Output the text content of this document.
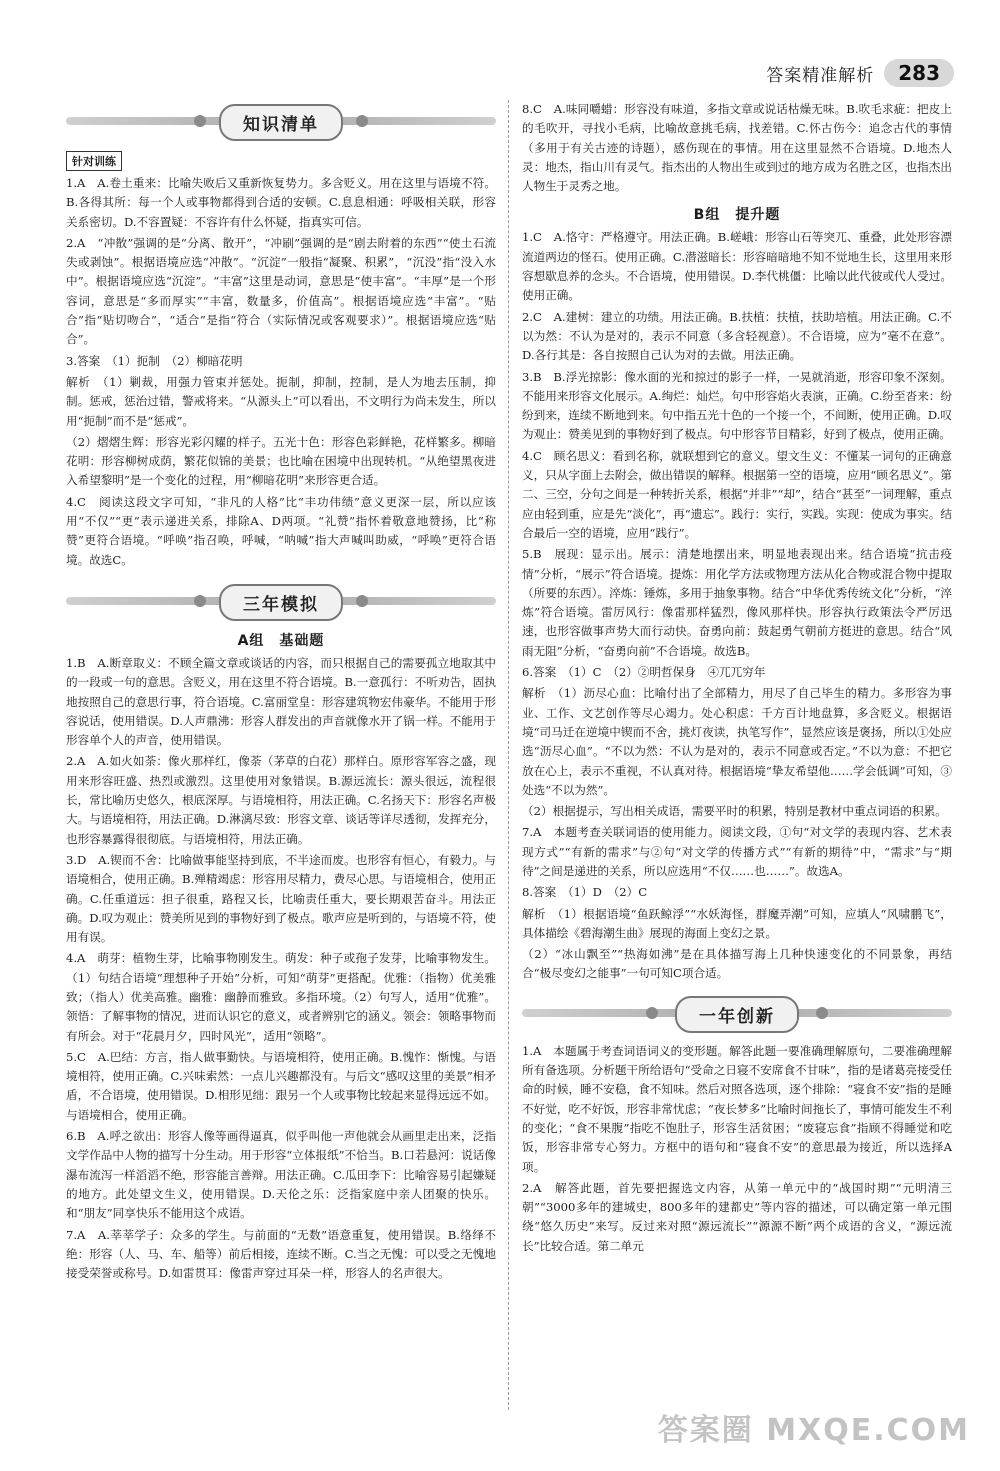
答案精准解析	283
知识清单
针对训练

1.A　A.卷土重来：比喻失败后又重新恢复势力。多含贬义。用在这里与语境不符。B.各得其所：每一个人或事物都得到合适的安顿。C.息息相通：呼吸相关联，形容关系密切。D.不容置疑：不容许有什么怀疑，指真实可信。

2.A　“冲散”强调的是“分离、散开”，“冲刷”强调的是“剧去附着的东西”“使土石流失或剥蚀”。根据语境应选“冲散”。“沉淀”一般指“凝聚、积累”，“沉没”指“没入水中”。根据语境应选“沉淀”。“丰富”这里是动词，意思是“使丰富”。“丰厚”是一个形容词，意思是“多而厚实”“丰富，数量多，价值高”。根据语境应选“丰富”。“贴合”指“贴切吻合”，“适合”是指“符合（实际情况或客观要求）”。根据语境应选“贴合”。

3.答案　（1）扼制　（2）柳暗花明

解析　（1）剿裁，用强力管束并惩处。扼制，抑制，控制，是人为地去压制，抑制。惩戒，惩治过错，警戒将来。“从源头上”可以看出，不文明行为尚未发生，所以用“扼制”而不是“惩戒”。

（2）熠熠生辉：形容光彩闪耀的样子。五光十色：形容色彩鲜艳，花样繁多。柳暗花明：形容柳树成荫，繁花似锦的美景；也比喻在困境中出现转机。“从绝望黑夜进入希望黎明”是一个变化的过程，用“柳暗花明”来形容更合适。

4.C　阅读这段文字可知，“非凡的人格”比“丰功伟绩”意义更深一层，所以应该用“不仅”“更”表示递进关系，排除A、D两项。“礼赞”指怀着敬意地赞扬，比“称赞”更符合语境。“呼唤”指召唤，呼喊，“呐喊”指大声喊叫助威，“呼唤”更符合语境。故选C。

三年模拟
A组　基础题

1.B　A.断章取义：不顾全篇文章或谈话的内容，而只根据自己的需要孤立地取其中的一段或一句的意思。含贬义，用在这里不符合语境。B.一意孤行：不听劝告，固执地按照自己的意思行事，符合语境。C.富丽堂皇：形容建筑物宏伟豪华。不能用于形容说话，使用错误。D.人声鼎沸：形容人群发出的声音就像水开了锅一样。不能用于形容单个人的声音，使用错误。

2.A　A.如火如荼：像火那样红，像荼（茅草的白花）那样白。原形容军容之盛，现用来形容旺盛、热烈或激烈。这里使用对象错误。B.源远流长：源头很远，流程很长，常比喻历史悠久，根底深厚。与语境相符，用法正确。C.名扬天下：形容名声极大。与语境相符，用法正确。D.淋漓尽致：形容文章、谈话等详尽透彻，发挥充分，也形容暴露得很彻底。与语境相符，用法正确。

3.D　A.锲而不舍：比喻做事能坚持到底，不半途而废。也形容有恒心，有毅力。与语境相合，使用正确。B.殚精竭虑：形容用尽精力，费尽心思。与语境相合，使用正确。C.任重道远：担子很重，路程又长，比喻责任重大，要长期艰苦奋斗。用法正确。D.叹为观止：赞美所见到的事物好到了极点。歌声应是听到的，与语境不符，使用有误。

4.A　萌芽：植物生芽，比喻事物刚发生。萌发：种子或孢子发芽，比喻事物发生。（1）句结合语境“理想种子开始”分析，可知“萌芽”更搭配。优雅：（指物）优美雅致；（指人）优美高雅。幽雅：幽静而雅致。多指环境。（2）句写人，适用“优雅”。领悟：了解事物的情况，进而认识它的意义，或者辨别它的涵义。领会：领略事物而有所会。对于“花晨月夕，四时风光”，适用“领略”。

5.C　A.巴结：方言，指人做事勤快。与语境相符，使用正确。B.愧怍：惭愧。与语境相符，使用正确。C.兴味索然：一点儿兴趣都没有。与后文“感叹这里的美景”相矛盾，不合语境，使用错误。D.相形见绌：跟另一个人或事物比较起来显得远远不如。与语境相合，使用正确。

6.B　A.呼之欲出：形容人像等画得逼真，似乎叫他一声他就会从画里走出来，泛指文学作品中人物的描写十分生动。用于形容“立体报纸”不恰当。B.口若悬河：说话像瀑布流泻一样滔滔不绝，形容能言善辩。用法正确。C.瓜田李下：比喻容易引起嫌疑的地方。此处望文生义，使用错误。D.天伦之乐：泛指家庭中亲人团聚的快乐。和“朋友”同享快乐不能用这个成语。

7.A　A.莘莘学子：众多的学生。与前面的“无数”语意重复，使用错误。B.络绎不绝：形容（人、马、车、船等）前后相接，连续不断。C.当之无愧：可以受之无愧地接受荣誉或称号。D.如雷贯耳：像雷声穿过耳朵一样，形容人的名声很大。

8.C　A.味同嚼蜡：形容没有味道，多指文章或说话枯燥无味。B.吹毛求疵：把皮上的毛吹开，寻找小毛病，比喻故意挑毛病，找差错。C.怀古伤今：追念古代的事情（多用于有关古迹的诗题），感伤现在的事情。用在这里显然不合语境。D.地杰人灵：地杰，指山川有灵气。指杰出的人物出生或到过的地方成为名胜之区，也指杰出人物生于灵秀之地。

B组　提升题

1.C　A.恪守：严格遵守。用法正确。B.嵯峨：形容山石等突兀、重叠，此处形容漂流道两边的怪石。使用正确。C.潜滋暗长：形容暗暗地不知不觉地生长，这里用来形容想歇息养的念头。不合语境，使用错误。D.李代桃僵：比喻以此代彼或代人受过。使用正确。

2.C　A.建树：建立的功绩。用法正确。B.扶植：扶植，扶助培植。用法正确。C.不以为然：不认为是对的，表示不同意（多含轻视意）。不合语境，应为“毫不在意”。D.各行其是：各自按照自己认为对的去做。用法正确。

3.B　B.浮光掠影：像水面的光和掠过的影子一样，一晃就消逝，形容印象不深刻。不能用来形容文化展示。A.绚烂：灿烂。句中形容焰火表演，正确。C.纷至沓来：纷纷到来，连续不断地到来。句中指五光十色的一个接一个，不间断，使用正确。D.叹为观止：赞美见到的事物好到了极点。句中形容节目精彩，好到了极点，使用正确。

4.C　顾名思义：看到名称，就联想到它的意义。望文生义：不懂某一词句的正确意义，只从字面上去附会，做出错误的解释。根据第一空的语境，应用“顾名思义”。第二、三空，分句之间是一种转折关系，根据“并非”“却”，结合“甚至”一词理解，重点应由轻到重，应是先“淡化”，再“遗忘”。践行：实行，实践。实现：使成为事实。结合最后一空的语境，应用“践行”。

5.B　展现：显示出。展示：清楚地摆出来，明显地表现出来。结合语境“抗击疫情”分析，“展示”符合语境。提炼：用化学方法或物理方法从化合物或混合物中提取（所要的东西）。淬炼：锤炼，多用于抽象事物。结合“中华优秀传统文化”分析，“淬炼”符合语境。雷厉风行：像雷那样猛烈，像风那样快。形容执行政策法令严厉迅速，也形容做事声势大而行动快。奋勇向前：鼓起勇气朝前方挺进的意思。结合“风雨无阻”分析，“奋勇向前”不合语境。故选B。

6.答案　（1）C　（2）②明哲保身　④兀兀穷年

解析　（1）沥尽心血：比喻付出了全部精力，用尽了自己毕生的精力。多形容为事业、工作、文艺创作等尽心竭力。处心积虑：千方百计地盘算，多含贬义。根据语境“司马迁在逆境中锲而不舍，挑灯夜读，执笔写作”，显然应该是褒扬，所以①处应选“沥尽心血”。“不以为然：不认为是对的，表示不同意或否定。”不以为意：不把它放在心上，表示不重视，不认真对待。根据语境“挚友希望他……学会低调”可知，③处选“不以为然”。

（2）根据提示，写出相关成语，需要平时的积累，特别是教材中重点词语的积累。

7.A　本题考查关联词语的使用能力。阅读文段，①句“对文学的表现内容、艺术表现方式”“有新的需求”与②句“对文学的传播方式”“有新的期待”中，“需求”与“期待”之间是递进的关系，所以应选用“不仅……也……”。故选A。

8.答案　（1）D　（2）C

解析　（1）根据语境“鱼跃鲸浮”“水妖海怪，群魔弄潮”可知，应填人“风啸鹏飞”，具体描绘《碧海潮生曲》展现的海面上变幻之景。

（2）“冰山飘至”“热海如沸”是在具体描写海上几种快速变化的不同景象，再结合“极尽变幻之能事”一句可知C项合适。

一年创新

1.A　本题属于考查词语词义的变形题。解答此题一要准确理解原句，二要准确理解所有备选项。分析题干所给语句“受命之日寝不安席食不甘味”，指的是诸葛亮接受任命的时候，睡不安稳，食不知味。然后对照各选项，逐个排除：“寝食不安”指的是睡不好觉，吃不好饭，形容非常忧虑；“夜长梦多”比喻时间拖长了，事情可能发生不利的变化；“食不果腹”指吃不饱肚子，形容生活贫困；“废寝忘食”指顾不得睡觉和吃饭，形容非常专心努力。方框中的语句和“寝食不安”的意思最为接近，所以选择A项。

2.A　解答此题，首先要把握选文内容，从第一单元中的“战国时期”“元明清三朝”“3000多年的建城史，800多年的建都史”等内容的描述，可以确定第一单元围绕“悠久历史”来写。反过来对照“源远流长”“源源不断”两个成语的含义，“源远流长”比较合适。第二单元

答案圈 MXQE.COM
